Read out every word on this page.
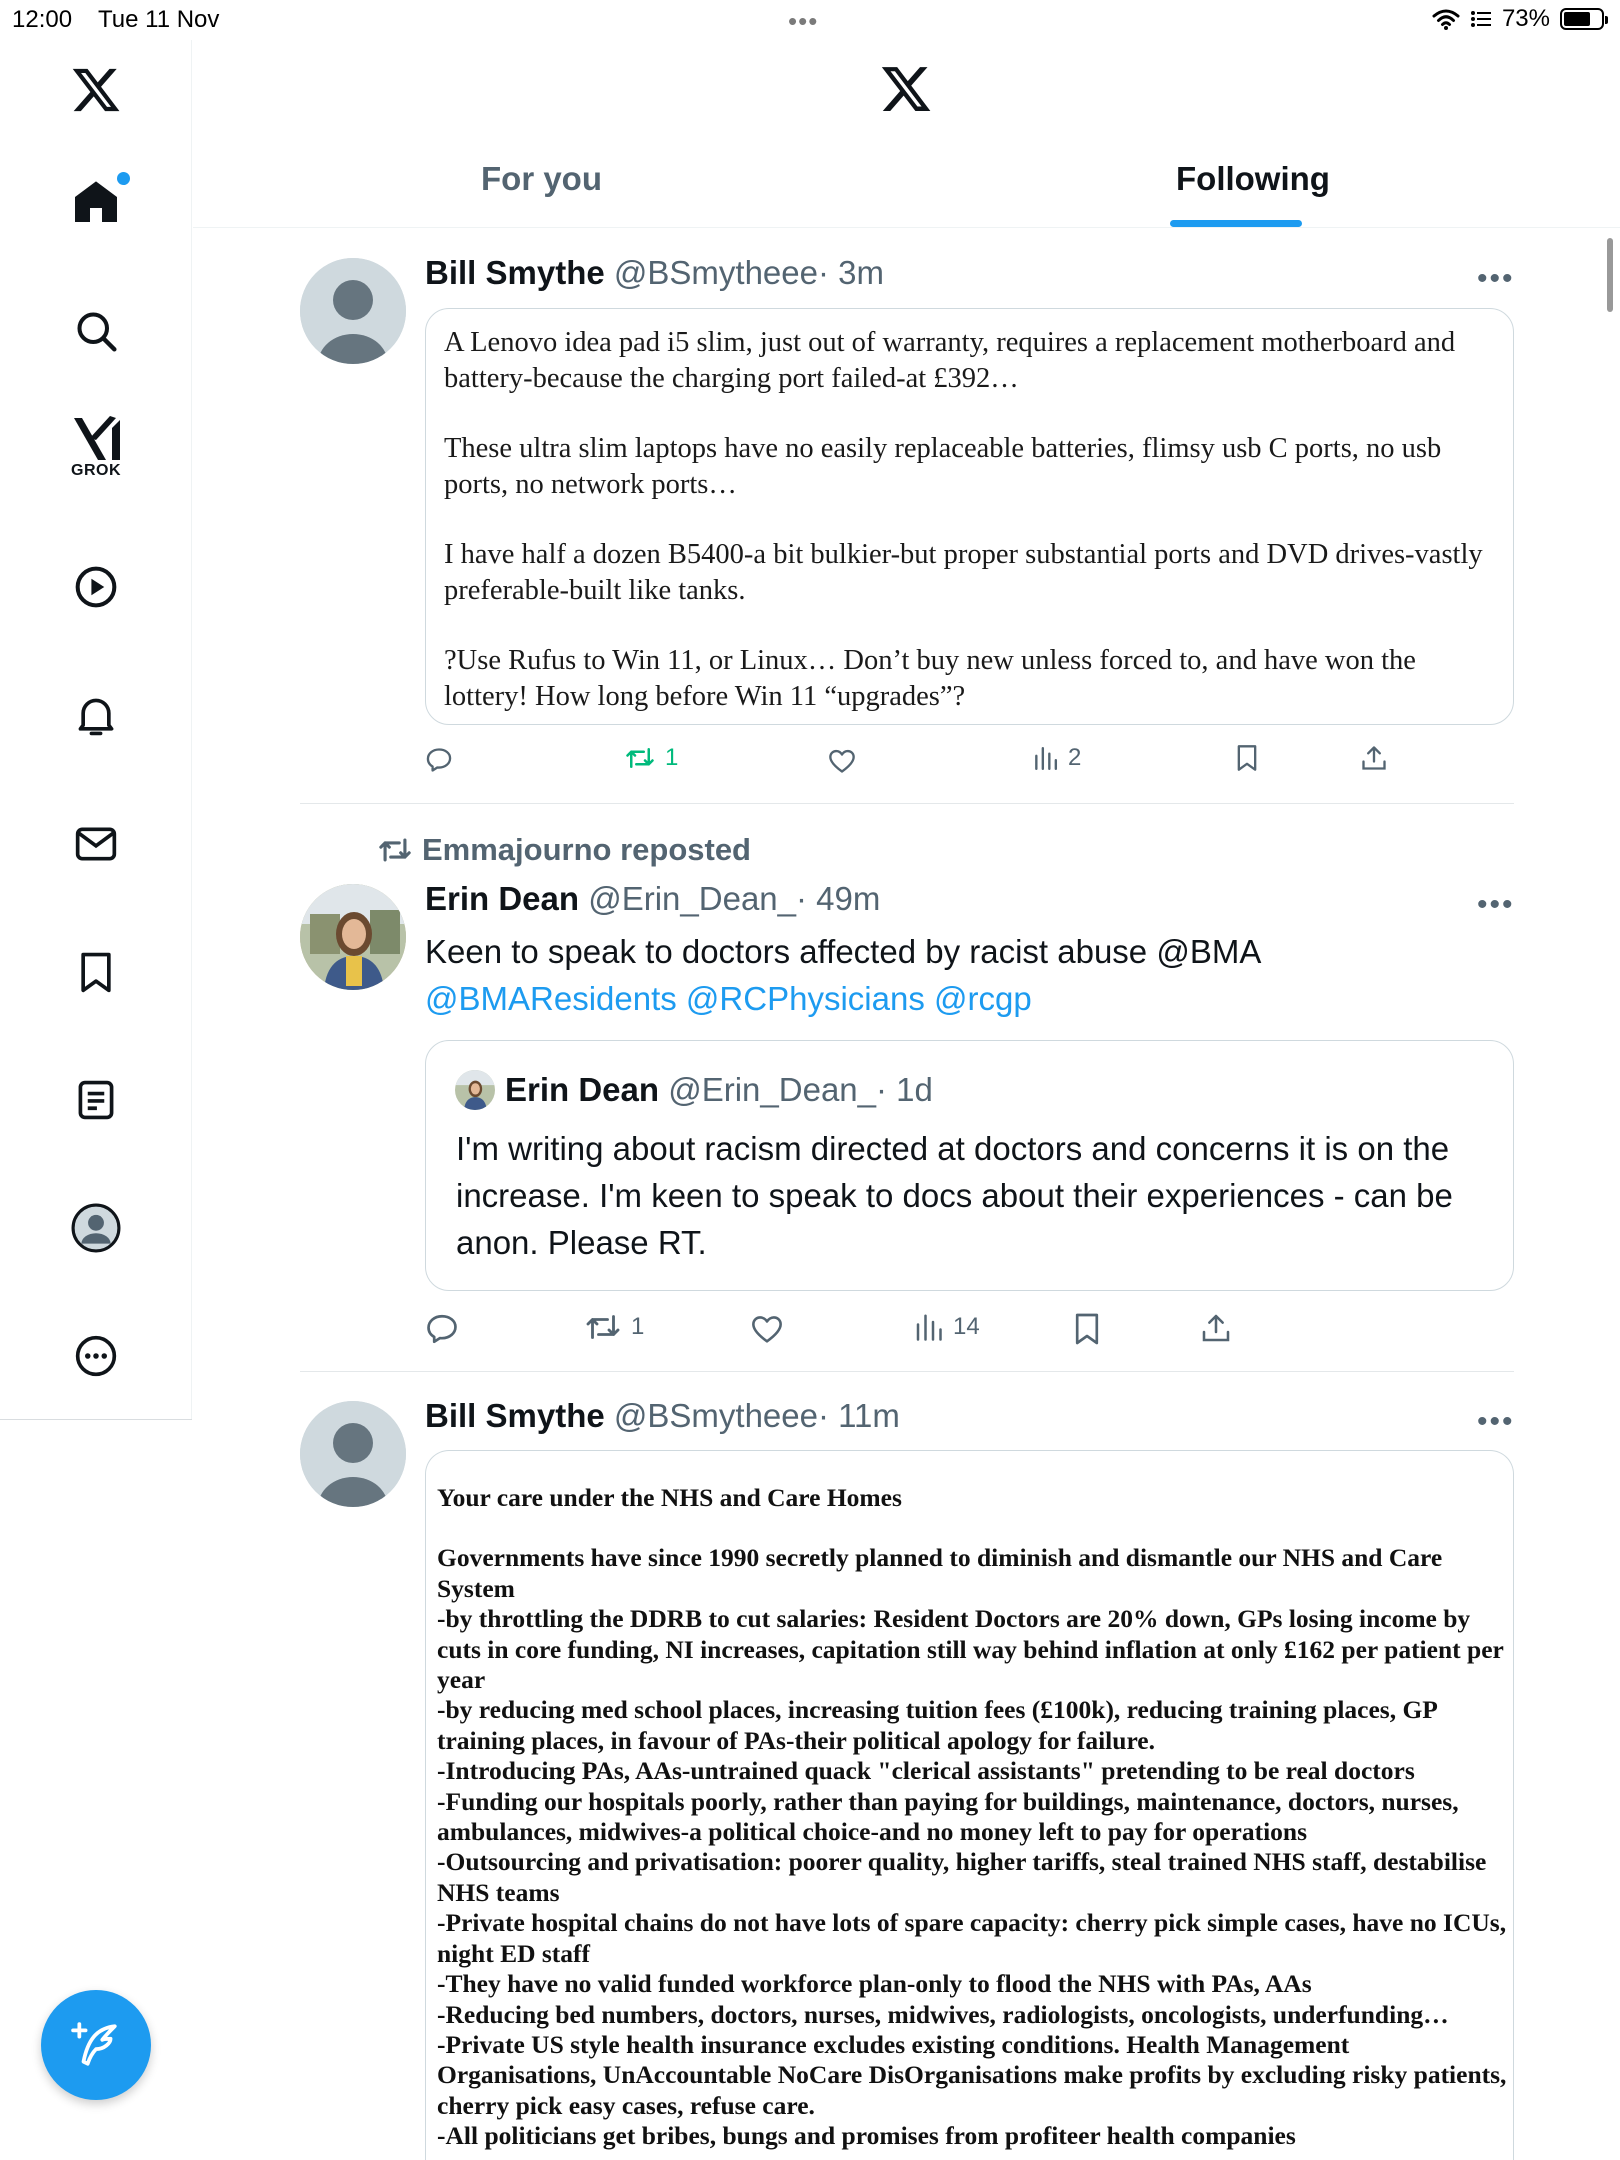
12:00 Tue 11 Nov	•••	73%
GROK
For you	Following
Bill Smythe @BSmytheee· 3m	•••

A Lenovo idea pad i5 slim, just out of warranty, requires a replacement motherboard and battery-because the charging port failed-at £392…

These ultra slim laptops have no easily replaceable batteries, flimsy usb C ports, no usb ports, no network ports…

I have half a dozen B5400-a bit bulkier-but proper substantial ports and DVD drives-vastly preferable-built like tanks.

?Use Rufus to Win 11, or Linux… Don’t buy new unless forced to, and have won the lottery! How long before Win 11 “upgrades”?

1	2
Emmajourno reposted
Erin Dean @Erin_Dean_· 49m	•••
Keen to speak to doctors affected by racist abuse @BMA
@BMAResidents @RCPhysicians @rcgp
Erin Dean @Erin_Dean_· 1d
I'm writing about racism directed at doctors and concerns it is on the increase. I'm keen to speak to docs about their experiences - can be anon. Please RT.
1	14
Bill Smythe @BSmytheee· 11m	•••

Your care under the NHS and Care Homes

Governments have since 1990 secretly planned to diminish and dismantle our NHS and Care System

-by throttling the DDRB to cut salaries: Resident Doctors are 20% down, GPs losing income by cuts in core funding, NI increases, capitation still way behind inflation at only £162 per patient per year

-by reducing med school places, increasing tuition fees (£100k), reducing training places, GP training places, in favour of PAs-their political apology for failure.

-Introducing PAs, AAs-untrained quack "clerical assistants" pretending to be real doctors

-Funding our hospitals poorly, rather than paying for buildings, maintenance, doctors, nurses, ambulances, midwives-a political choice-and no money left to pay for operations

-Outsourcing and privatisation: poorer quality, higher tariffs, steal trained NHS staff, destabilise NHS teams

-Private hospital chains do not have lots of spare capacity: cherry pick simple cases, have no ICUs, night ED staff

-They have no valid funded workforce plan-only to flood the NHS with PAs, AAs

-Reducing bed numbers, doctors, nurses, midwives, radiologists, oncologists, underfunding…

-Private US style health insurance excludes existing conditions. Health Management Organisations, UnAccountable NoCare DisOrganisations make profits by excluding risky patients, cherry pick easy cases, refuse care.

-All politicians get bribes, bungs and promises from profiteer health companies
